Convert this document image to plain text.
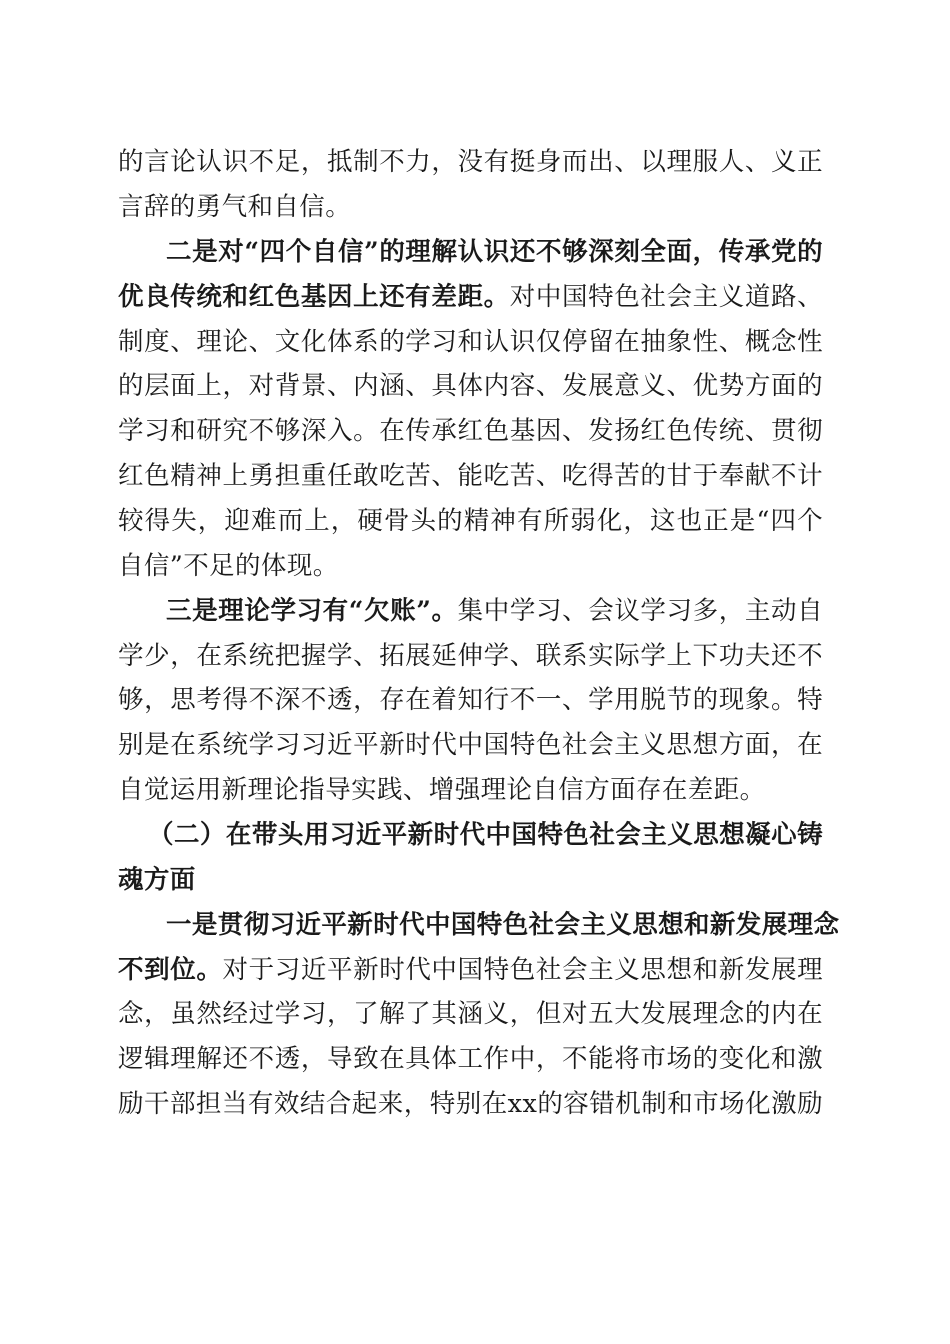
的言论认识不足，抵制不力，没有挺身而出、以理服人、义正
言辞的勇气和自信。
二是对“四个自信”的理解认识还不够深刻全面，传承党的
优良传统和红色基因上还有差距。对中国特色社会主义道路、
制度、理论、文化体系的学习和认识仅停留在抽象性、概念性
的层面上，对背景、内涵、具体内容、发展意义、优势方面的
学习和研究不够深入。在传承红色基因、发扬红色传统、贯彻
红色精神上勇担重任敢吃苦、能吃苦、吃得苦的甘于奉献不计
较得失，迎难而上，硬骨头的精神有所弱化，这也正是“四个
自信”不足的体现。
三是理论学习有“欠账”。集中学习、会议学习多，主动自
学少，在系统把握学、拓展延伸学、联系实际学上下功夫还不
够，思考得不深不透，存在着知行不一、学用脱节的现象。特
别是在系统学习习近平新时代中国特色社会主义思想方面，在
自觉运用新理论指导实践、增强理论自信方面存在差距。
（二）在带头用习近平新时代中国特色社会主义思想凝心铸
魂方面
一是贯彻习近平新时代中国特色社会主义思想和新发展理念
不到位。对于习近平新时代中国特色社会主义思想和新发展理
念，虽然经过学习，了解了其涵义，但对五大发展理念的内在
逻辑理解还不透，导致在具体工作中，不能将市场的变化和激
励干部担当有效结合起来，特别在xx的容错机制和市场化激励
